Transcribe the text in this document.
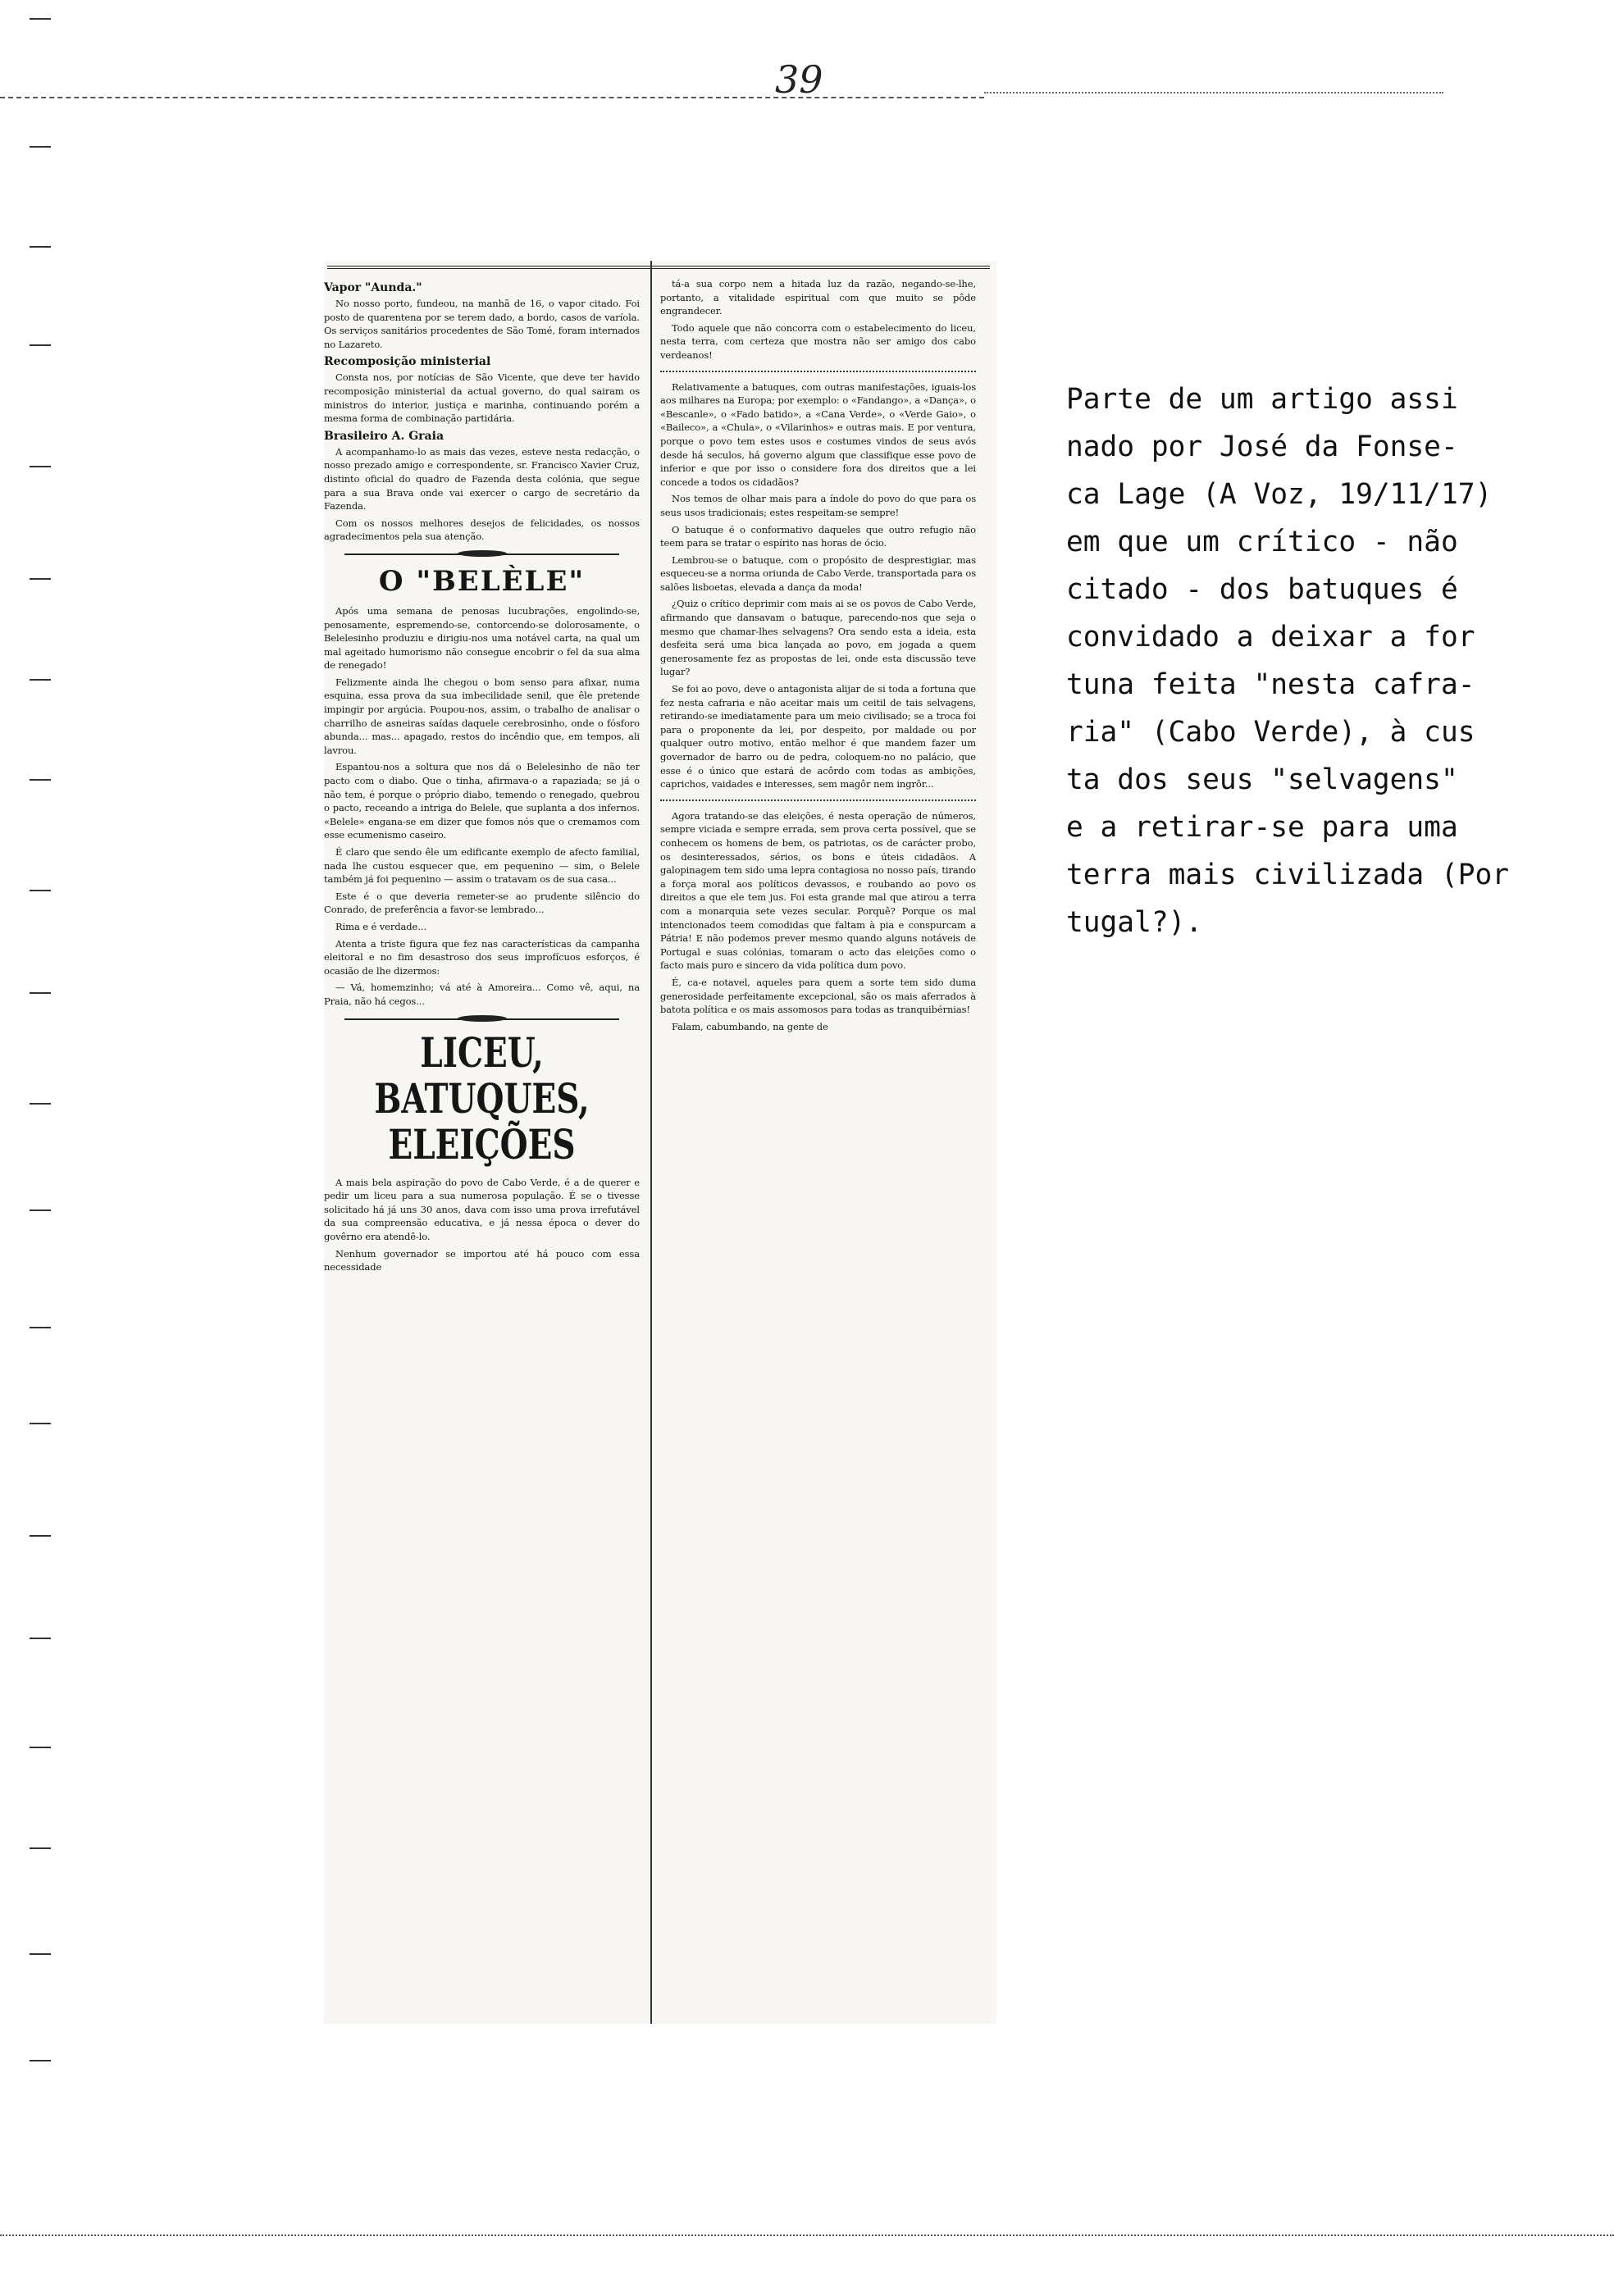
39
Vapor "Aunda."

No nosso porto, fundeou, na manhã de 16, o vapor citado. Foi posto de quarentena por se terem dado, a bordo, casos de varíola. Os serviços sanitários procedentes de São Tomé, foram internados no Lazareto.

Recomposição ministerial

Consta nos, por notícias de São Vicente, que deve ter havido recomposição ministerial da actual governo, do qual sairam os ministros do interior, justiça e marinha, continuando porém a mesma forma de combinação partidária.

Brasileiro A. Graia

A acompanhamo-lo as mais das vezes, esteve nesta redacção, o nosso prezado amigo e correspondente, sr. Francisco Xavier Cruz, distinto oficial do quadro de Fazenda desta colónia, que segue para a sua Brava onde vai exercer o cargo de secretário da Fazenda.

Com os nossos melhores desejos de felicidades, os nossos agradecimentos pela sua atenção.

O "BELÈLE"

Após uma semana de penosas lucubrações, engolindo-se, penosamente, espremendo-se, contorcendo-se dolorosamente, o Belelesinho produziu e dirigiu-nos uma notável carta, na qual um mal ageitado humorismo não consegue encobrir o fel da sua alma de renegado!

Felizmente ainda lhe chegou o bom senso para afixar, numa esquina, essa prova da sua imbecilidade senil, que êle pretende impingir por argúcia. Poupou-nos, assim, o trabalho de analisar o charrilho de asneiras saídas daquele cerebrosinho, onde o fósforo abunda... mas... apagado, restos do incêndio que, em tempos, ali lavrou.

Espantou-nos a soltura que nos dá o Belelesinho de não ter pacto com o diabo. Que o tinha, afirmava-o a rapaziada; se já o não tem, é porque o próprio diabo, temendo o renegado, quebrou o pacto, receando a intriga do Belele, que suplanta a dos infernos. «Belele» engana-se em dizer que fomos nós que o cremamos com esse ecumenismo caseiro.

É claro que sendo êle um edificante exemplo de afecto familial, nada lhe custou esquecer que, em pequenino — sim, o Belele também já foi pequenino — assim o tratavam os de sua casa...

Este é o que deveria remeter-se ao prudente silêncio do Conrado, de preferência a favor-se lembrado...

Rima e é verdade...

Atenta a triste figura que fez nas características da campanha eleitoral e no fim desastroso dos seus improfícuos esforços, é ocasião de lhe dizermos:

— Vá, homemzinho; vá até à Amoreira... Como vê, aqui, na Praia, não há cegos...

LICEU, BATUQUES,
ELEIÇÕES

A mais bela aspiração do povo de Cabo Verde, é a de querer e pedir um liceu para a sua numerosa população. É se o tivesse solicitado há já uns 30 anos, dava com isso uma prova irrefutável da sua compreensão educativa, e já nessa época o dever do govêrno era atendê-lo.

Nenhum governador se importou até há pouco com essa necessidade

tá-a sua corpo nem a hitada luz da razão, negando-se-lhe, portanto, a vitalidade espiritual com que muito se pôde engrandecer.

Todo aquele que não concorra com o estabelecimento do liceu, nesta terra, com certeza que mostra não ser amigo dos cabo verdeanos!

Relativamente a batuques, com outras manifestações, iguais-los aos milhares na Europa; por exemplo: o «Fandango», a «Dança», o «Bescanle», o «Fado batido», a «Cana Verde», o «Verde Gaio», o «Baileco», a «Chula», o «Vilarinhos» e outras mais. E por ventura, porque o povo tem estes usos e costumes vindos de seus avós desde há seculos, há governo algum que classifique esse povo de inferior e que por isso o considere fora dos direitos que a lei concede a todos os cidadãos?

Nos temos de olhar mais para a índole do povo do que para os seus usos tradicionais; estes respeitam-se sempre!

O batuque é o conformativo daqueles que outro refugio não teem para se tratar o espírito nas horas de ócio.

Lembrou-se o batuque, com o propósito de desprestigiar, mas esqueceu-se a norma oriunda de Cabo Verde, transportada para os salões lisboetas, elevada a dança da moda!

¿Quiz o crítico deprimir com mais ai se os povos de Cabo Verde, afirmando que dansavam o batuque, parecendo-nos que seja o mesmo que chamar-lhes selvagens? Ora sendo esta a ideia, esta desfeita será uma bica lançada ao povo, em jogada a quem generosamente fez as propostas de lei, onde esta discussão teve lugar?

Se foi ao povo, deve o antagonista alijar de si toda a fortuna que fez nesta cafraria e não aceitar mais um ceitil de tais selvagens, retirando-se imediatamente para um meio civilisado; se a troca foi para o proponente da lei, por despeito, por maldade ou por qualquer outro motivo, então melhor é que mandem fazer um governador de barro ou de pedra, coloquem-no no palácio, que esse é o único que estará de acôrdo com todas as ambições, caprichos, vaidades e interesses, sem magôr nem ingrôr...

Agora tratando-se das eleições, é nesta operação de números, sempre viciada e sempre errada, sem prova certa possível, que se conhecem os homens de bem, os patriotas, os de carácter probo, os desinteressados, sérios, os bons e úteis cidadãos. A galopinagem tem sido uma lepra contagiosa no nosso país, tirando a força moral aos políticos devassos, e roubando ao povo os direitos a que ele tem jus. Foi esta grande mal que atirou a terra com a monarquia sete vezes secular. Porquê? Porque os mal intencionados teem comodidas que faltam à pia e conspurcam a Pátria! E não podemos prever mesmo quando alguns notáveis de Portugal e suas colónias, tomaram o acto das eleições como o facto mais puro e sincero da vida política dum povo.

É, ca-e notavel, aqueles para quem a sorte tem sido duma generosidade perfeitamente excepcional, são os mais aferrados à batota política e os mais assomosos para todas as tranquibérnias!

Falam, cabumbando, na gente de

Parte de um artigo assi
nado por José da Fonse-
ca Lage (A Voz, 19/11/17)
em que um crítico - não
citado - dos batuques é
convidado a deixar a for
tuna feita "nesta cafra-
ria" (Cabo Verde), à cus
ta dos seus "selvagens"
e a retirar-se para uma
terra mais civilizada (Por
tugal?).
